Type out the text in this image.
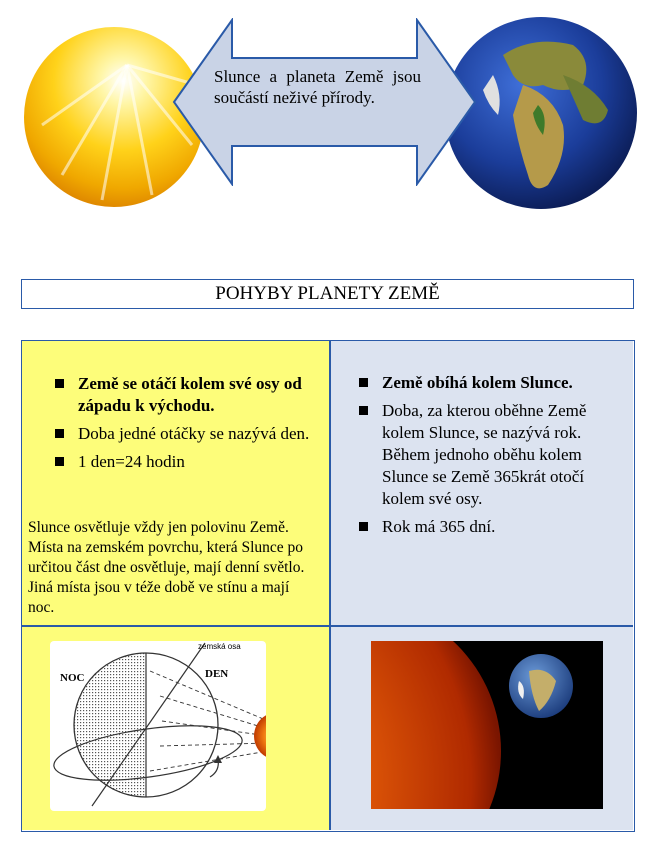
Slunce a planeta Země jsou součástí neživé přírody.
POHYBY PLANETY ZEMĚ
Země se otáčí kolem své osy od západu k východu.
Doba jedné otáčky se nazývá den.
1 den=24 hodin
Slunce osvětluje vždy jen polovinu Země. Místa na zemském povrchu, která Slunce po určitou část dne osvětluje, mají denní světlo. Jiná místa jsou v téže době ve stínu a mají noc.
Země obíhá kolem Slunce.
Doba, za kterou oběhne Země kolem Slunce, se nazývá rok. Během jednoho oběhu kolem Slunce se Země 365krát otočí kolem své osy.
Rok má 365 dní.
NOC	DEN
zemská osa
